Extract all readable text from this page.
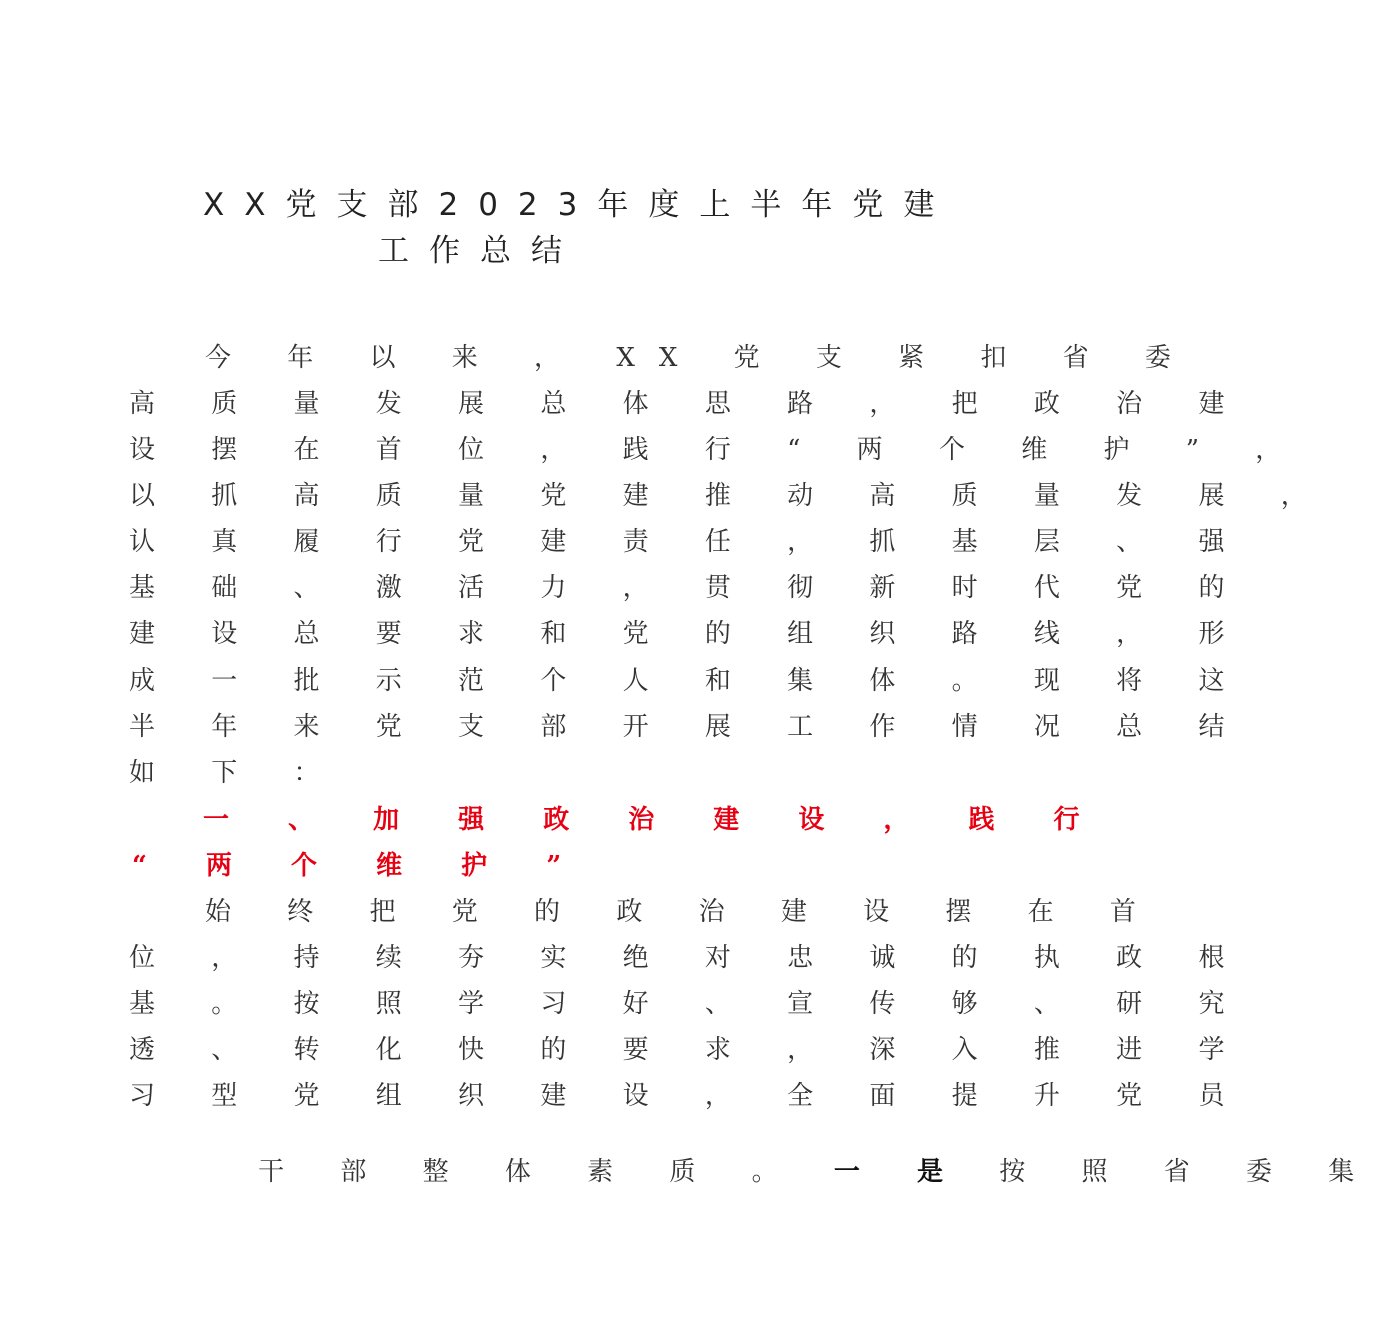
XX党支部2023年度上半年党建
工作总结
今 年 以 来 ， XX 党 支 紧 扣 省 委
高 质 量 发 展 总 体 思 路 ， 把 政 治 建
设 摆 在 首 位 ， 践 行 “ 两 个 维 护 ” ，
以 抓 高 质 量 党 建 推 动 高 质 量 发 展 ，
认 真 履 行 党 建 责 任 ， 抓 基 层 、 强
基 础 、 激 活 力 ， 贯 彻 新 时 代 党 的
建 设 总 要 求 和 党 的 组 织 路 线 ， 形
成 一 批 示 范 个 人 和 集 体 。 现 将 这
半 年 来 党 支 部 开 展 工 作 情 况 总 结
如 下 ：
一 、 加 强 政 治 建 设 ， 践 行
“ 两 个 维 护 ”
始 终 把 党 的 政 治 建 设 摆 在 首
位 ， 持 续 夯 实 绝 对 忠 诚 的 执 政 根
基 。 按 照 学 习 好 、 宣 传 够 、 研 究
透 、 转 化 快 的 要 求 ， 深 入 推 进 学
习 型 党 组 织 建 设 ， 全 面 提 升 党 员

干 部 整 体 素 质 。 一 是 按 照 省 委 集
